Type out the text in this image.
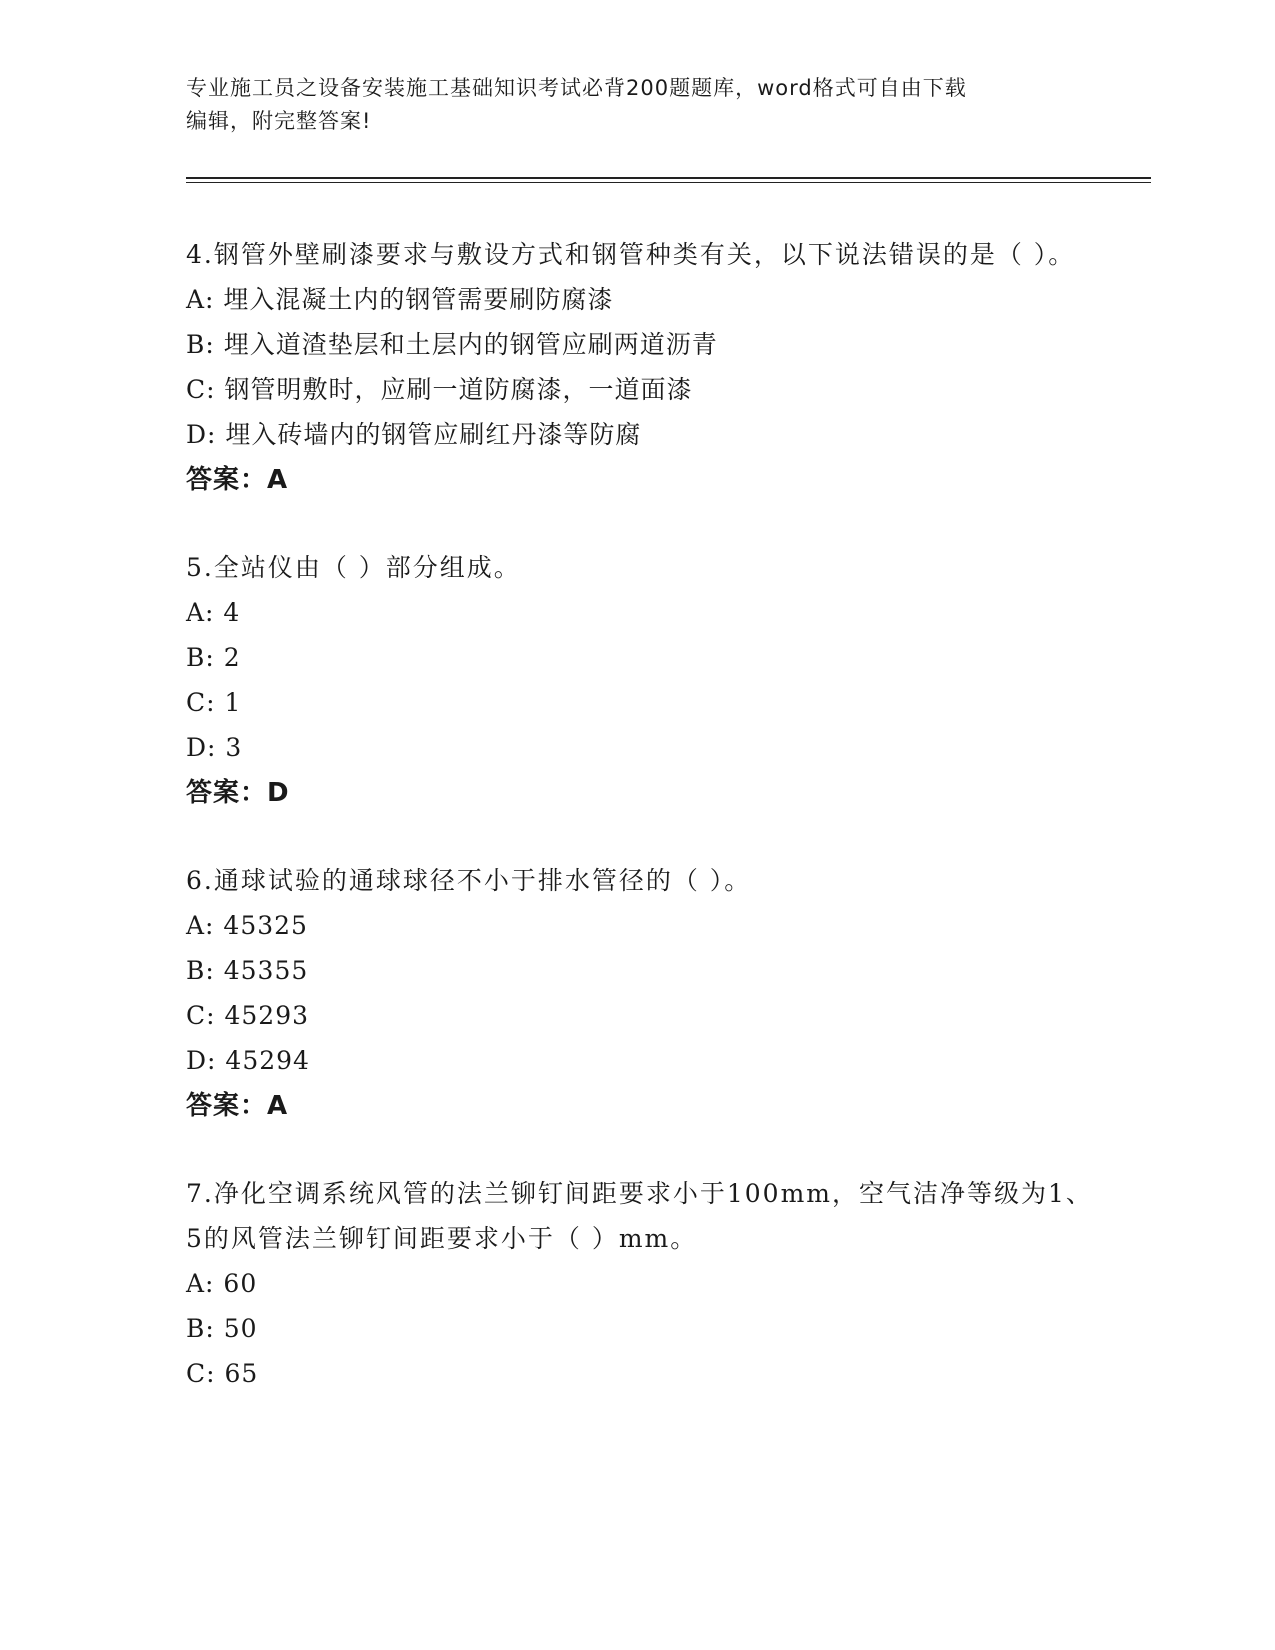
专业施工员之设备安装施工基础知识考试必背200题题库，word格式可自由下载
编辑，附完整答案!
4.钢管外壁刷漆要求与敷设方式和钢管种类有关，以下说法错误的是（ ）。
A: 埋入混凝土内的钢管需要刷防腐漆
B: 埋入道渣垫层和土层内的钢管应刷两道沥青
C: 钢管明敷时，应刷一道防腐漆，一道面漆
D: 埋入砖墙内的钢管应刷红丹漆等防腐
答案：A
5.全站仪由（ ）部分组成。
A: 4
B: 2
C: 1
D: 3
答案：D
6.通球试验的通球球径不小于排水管径的（ ）。
A: 45325
B: 45355
C: 45293
D: 45294
答案：A
7.净化空调系统风管的法兰铆钉间距要求小于100mm，空气洁净等级为1、5的风管法兰铆钉间距要求小于（ ）mm。
A: 60
B: 50
C: 65
